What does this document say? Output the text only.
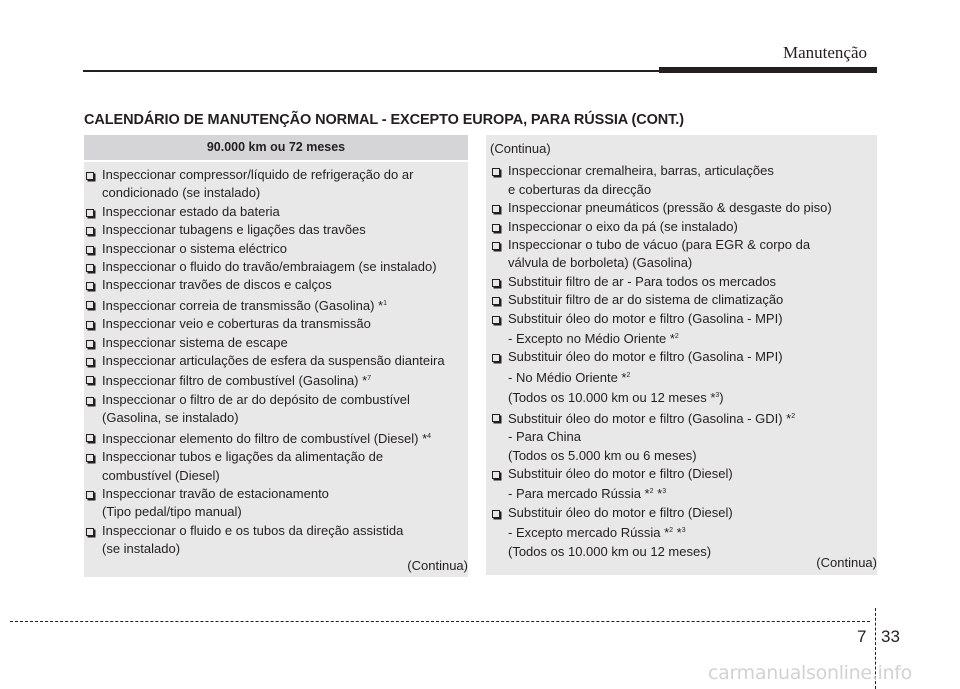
Manutenção
CALENDÁRIO DE MANUTENÇÃO NORMAL - EXCEPTO EUROPA, PARA RÚSSIA (CONT.)
90.000 km ou 72 meses
Inspeccionar compressor/líquido de refrigeração do ar
condicionado (se instalado)
Inspeccionar estado da bateria
Inspeccionar tubagens e ligações das travões
Inspeccionar o sistema eléctrico
Inspeccionar o fluido do travão/embraiagem (se instalado)
Inspeccionar travões de discos e calços
Inspeccionar correia de transmissão (Gasolina) *$^1$
Inspeccionar veio e coberturas da transmissão
Inspeccionar sistema de escape
Inspeccionar articulações de esfera da suspensão dianteira
Inspeccionar filtro de combustível (Gasolina) *$^7$
Inspeccionar o filtro de ar do depósito de combustível
(Gasolina, se instalado)
Inspeccionar elemento do filtro de combustível (Diesel) *$^4$
Inspeccionar tubos e ligações da alimentação de
combustível (Diesel)
Inspeccionar travão de estacionamento
(Tipo pedal/tipo manual)
Inspeccionar o fluido e os tubos da direção assistida
(se instalado)
(Continua)
(Continua)
Inspeccionar cremalheira, barras, articulações
e coberturas da direcção
Inspeccionar pneumáticos (pressão & desgaste do piso)
Inspeccionar o eixo da pá (se instalado)
Inspeccionar o tubo de vácuo (para EGR & corpo da
válvula de borboleta) (Gasolina)
Substituir filtro de ar - Para todos os mercados
Substituir filtro de ar do sistema de climatização
Substituir óleo do motor e filtro (Gasolina - MPI)
- Excepto no Médio Oriente *$^2$
Substituir óleo do motor e filtro (Gasolina - MPI)
- No Médio Oriente *$^2$
(Todos os 10.000 km ou 12 meses *$^3$)
Substituir óleo do motor e filtro (Gasolina - GDI) *$^2$
- Para China
(Todos os 5.000 km ou 6 meses)
Substituir óleo do motor e filtro (Diesel)
- Para mercado Rússia *$^2$ *$^3$
Substituir óleo do motor e filtro (Diesel)
- Excepto mercado Rússia *$^2$ *$^3$
(Todos os 10.000 km ou 12 meses)
(Continua)
7 33
carmanualsonline.info
